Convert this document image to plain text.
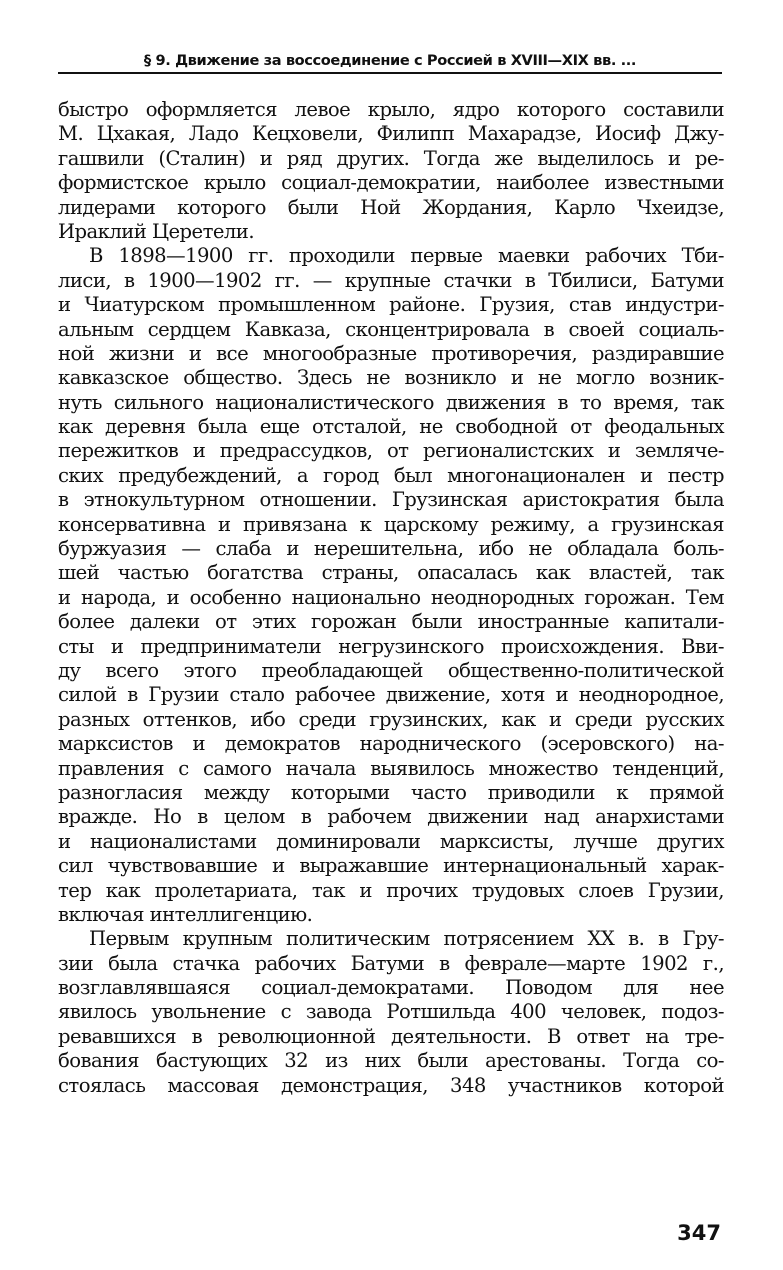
§ 9. Движение за воссоединение с Россией в XVIII—XIX вв. ...
быстро оформляется левое крыло, ядро которого составили
М. Цхакая, Ладо Кецховели, Филипп Махарадзе, Иосиф Джу-
гашвили (Сталин) и ряд других. Тогда же выделилось и ре-
формистское крыло социал-демократии, наиболее известными
лидерами которого были Ной Жордания, Карло Чхеидзе,
Ираклий Церетели.
В 1898—1900 гг. проходили первые маевки рабочих Тби-
лиси, в 1900—1902 гг. — крупные стачки в Тбилиси, Батуми
и Чиатурском промышленном районе. Грузия, став индустри-
альным сердцем Кавказа, сконцентрировала в своей социаль-
ной жизни и все многообразные противоречия, раздиравшие
кавказское общество. Здесь не возникло и не могло возник-
нуть сильного националистического движения в то время, так
как деревня была еще отсталой, не свободной от феодальных
пережитков и предрассудков, от регионалистских и земляче-
ских предубеждений, а город был многонационален и пестр
в этнокультурном отношении. Грузинская аристократия была
консервативна и привязана к царскому режиму, а грузинская
буржуазия — слаба и нерешительна, ибо не обладала боль-
шей частью богатства страны, опасалась как властей, так
и народа, и особенно национально неоднородных горожан. Тем
более далеки от этих горожан были иностранные капитали-
сты и предприниматели негрузинского происхождения. Вви-
ду всего этого преобладающей общественно-политической
силой в Грузии стало рабочее движение, хотя и неоднородное,
разных оттенков, ибо среди грузинских, как и среди русских
марксистов и демократов народнического (эсеровского) на-
правления с самого начала выявилось множество тенденций,
разногласия между которыми часто приводили к прямой
вражде. Но в целом в рабочем движении над анархистами
и националистами доминировали марксисты, лучше других
сил чувствовавшие и выражавшие интернациональный харак-
тер как пролетариата, так и прочих трудовых слоев Грузии,
включая интеллигенцию.
Первым крупным политическим потрясением XX в. в Гру-
зии была стачка рабочих Батуми в феврале—марте 1902 г.,
возглавлявшаяся социал-демократами. Поводом для нее
явилось увольнение с завода Ротшильда 400 человек, подоз-
ревавшихся в революционной деятельности. В ответ на тре-
бования бастующих 32 из них были арестованы. Тогда со-
стоялась массовая демонстрация, 348 участников которой
347
